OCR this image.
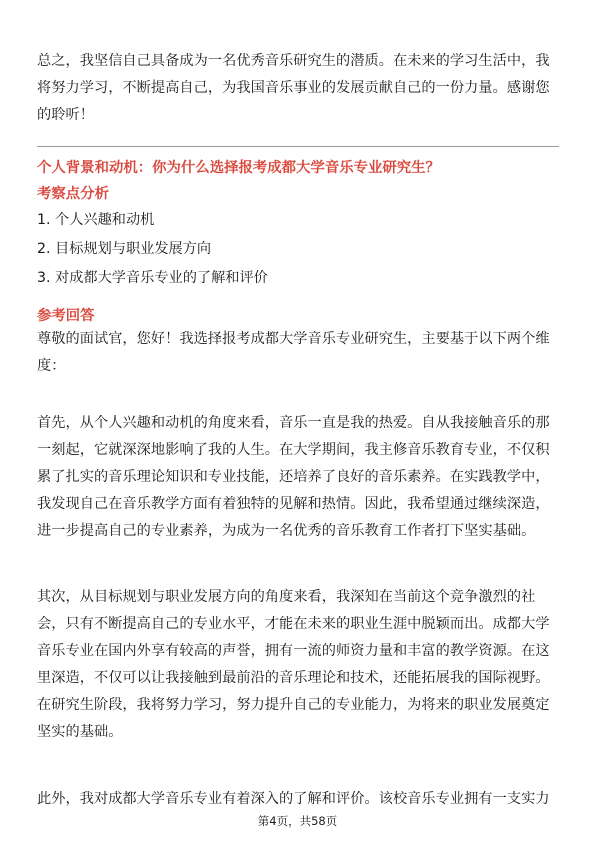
总之，我坚信自己具备成为一名优秀音乐研究生的潜质。在未来的学习生活中，我将努力学习，不断提高自己，为我国音乐事业的发展贡献自己的一份力量。感谢您的聆听！

个人背景和动机：你为什么选择报考成都大学音乐专业研究生？
考察点分析
1. 个人兴趣和动机
2. 目标规划与职业发展方向
3. 对成都大学音乐专业的了解和评价
参考回答

尊敬的面试官，您好！我选择报考成都大学音乐专业研究生，主要基于以下两个维度：

首先，从个人兴趣和动机的角度来看，音乐一直是我的热爱。自从我接触音乐的那一刻起，它就深深地影响了我的人生。在大学期间，我主修音乐教育专业，不仅积累了扎实的音乐理论知识和专业技能，还培养了良好的音乐素养。在实践教学中，我发现自己在音乐教学方面有着独特的见解和热情。因此，我希望通过继续深造，进一步提高自己的专业素养，为成为一名优秀的音乐教育工作者打下坚实基础。

其次，从目标规划与职业发展方向的角度来看，我深知在当前这个竞争激烈的社会，只有不断提高自己的专业水平，才能在未来的职业生涯中脱颖而出。成都大学音乐专业在国内外享有较高的声誉，拥有一流的师资力量和丰富的教学资源。在这里深造，不仅可以让我接触到最前沿的音乐理论和技术，还能拓展我的国际视野。在研究生阶段，我将努力学习，努力提升自己的专业能力，为将来的职业发展奠定坚实的基础。

此外，我对成都大学音乐专业有着深入的了解和评价。该校音乐专业拥有一支实力

第4页，共58页
